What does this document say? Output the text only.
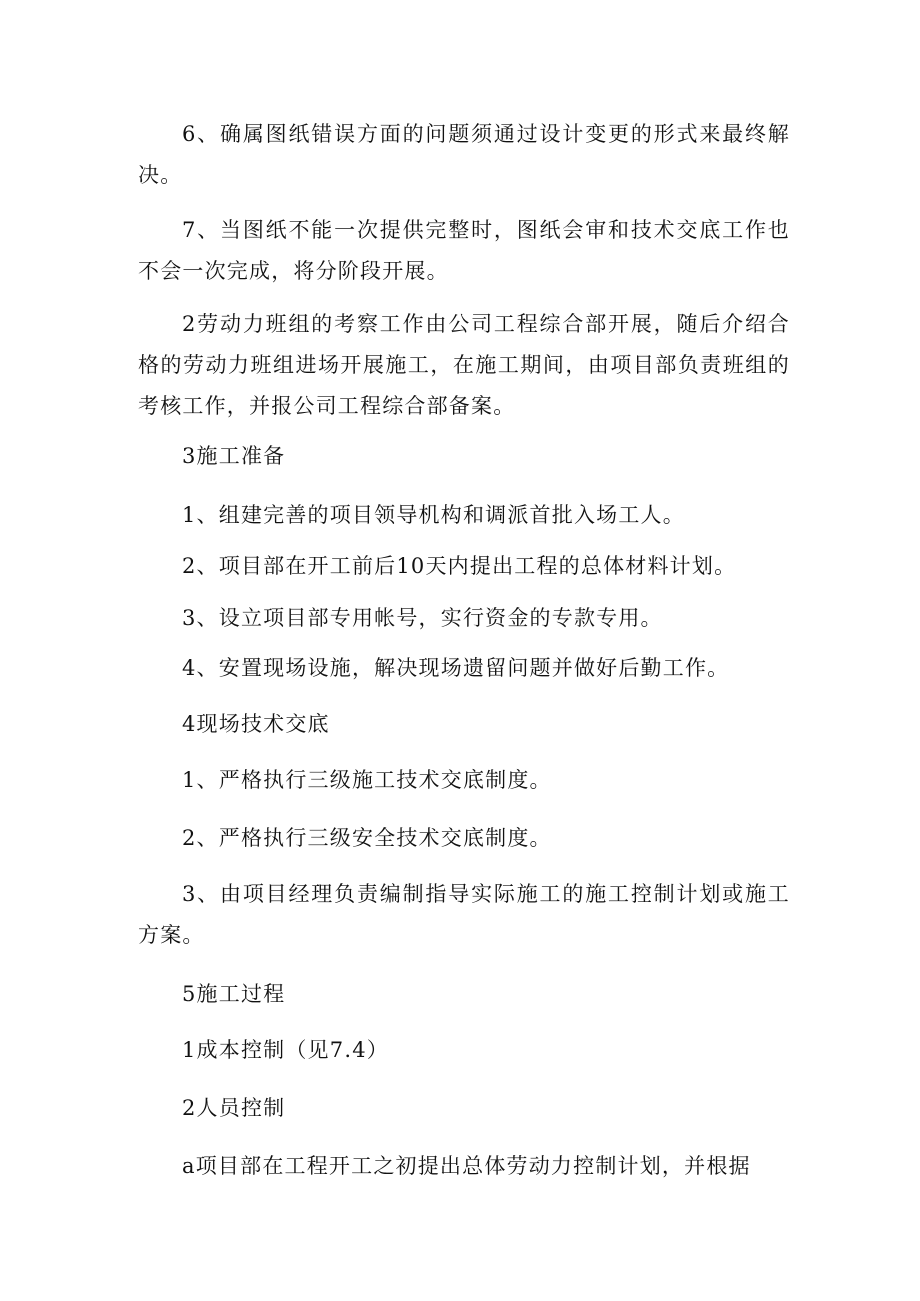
6、确属图纸错误方面的问题须通过设计变更的形式来最终解决。

7、当图纸不能一次提供完整时，图纸会审和技术交底工作也不会一次完成，将分阶段开展。

2劳动力班组的考察工作由公司工程综合部开展，随后介绍合格的劳动力班组进场开展施工，在施工期间，由项目部负责班组的考核工作，并报公司工程综合部备案。

3施工准备

1、组建完善的项目领导机构和调派首批入场工人。

2、项目部在开工前后10天内提出工程的总体材料计划。

3、设立项目部专用帐号，实行资金的专款专用。

4、安置现场设施，解决现场遗留问题并做好后勤工作。

4现场技术交底

1、严格执行三级施工技术交底制度。

2、严格执行三级安全技术交底制度。

3、由项目经理负责编制指导实际施工的施工控制计划或施工方案。

5施工过程

1成本控制（见7.4）

2人员控制

a项目部在工程开工之初提出总体劳动力控制计划，并根据
